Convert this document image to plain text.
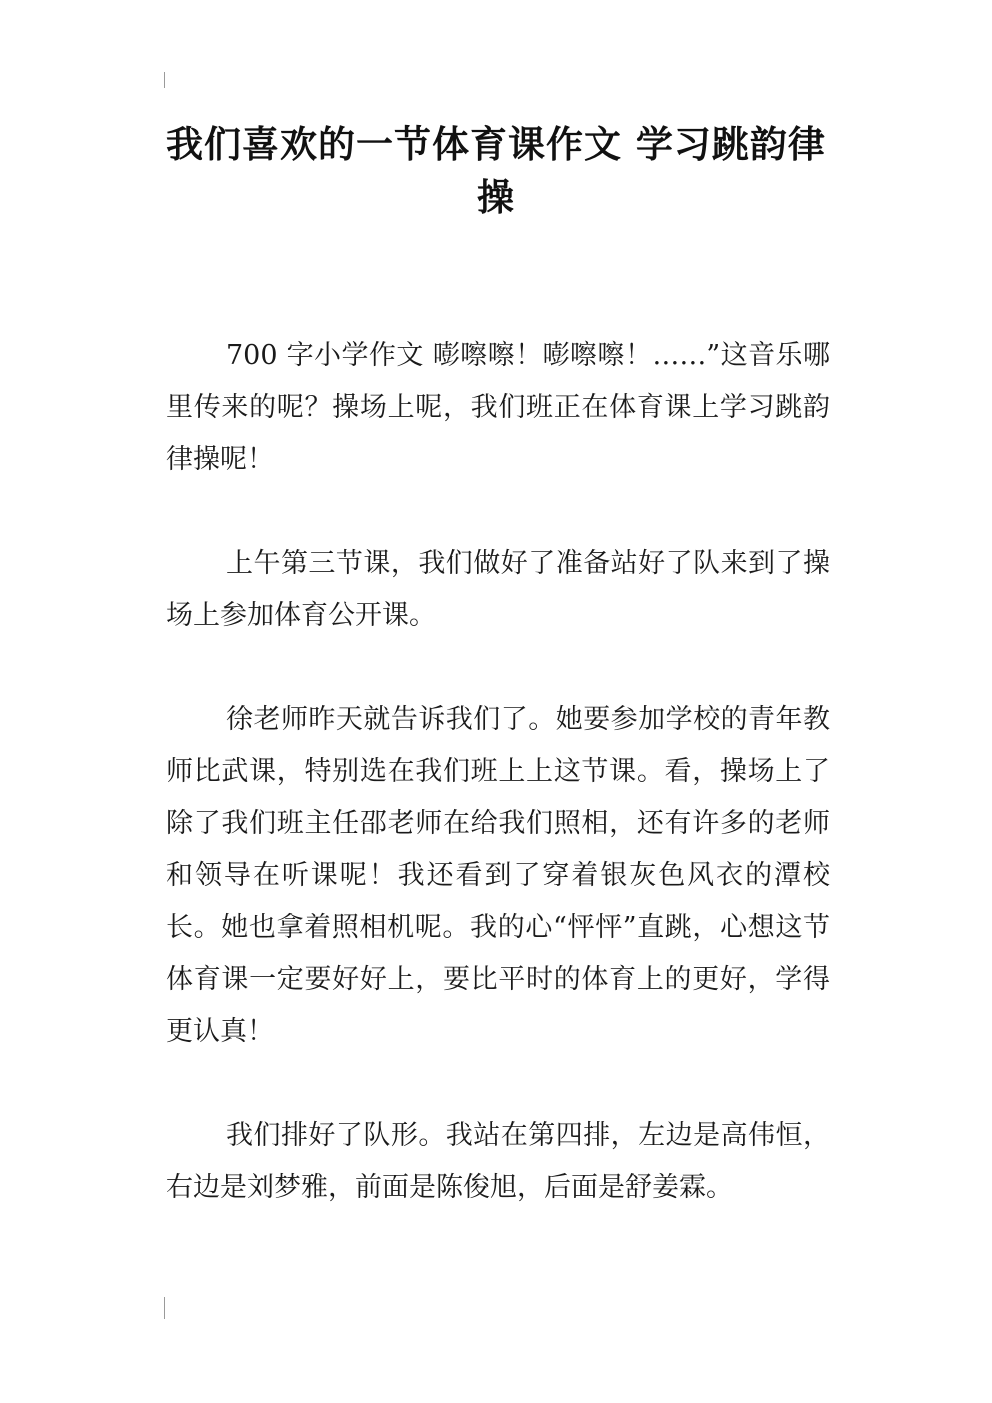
我们喜欢的一节体育课作文 学习跳韵律操

700 字小学作文 嘭嚓嚓！嘭嚓嚓！……”这音乐哪里传来的呢？操场上呢，我们班正在体育课上学习跳韵律操呢！

上午第三节课，我们做好了准备站好了队来到了操场上参加体育公开课。

徐老师昨天就告诉我们了。她要参加学校的青年教师比武课，特别选在我们班上上这节课。看，操场上了除了我们班主任邵老师在给我们照相，还有许多的老师和领导在听课呢！我还看到了穿着银灰色风衣的潭校长。她也拿着照相机呢。我的心“怦怦”直跳，心想这节体育课一定要好好上，要比平时的体育上的更好，学得更认真！

我们排好了队形。我站在第四排，左边是高伟恒，右边是刘梦雅，前面是陈俊旭，后面是舒姜霖。
